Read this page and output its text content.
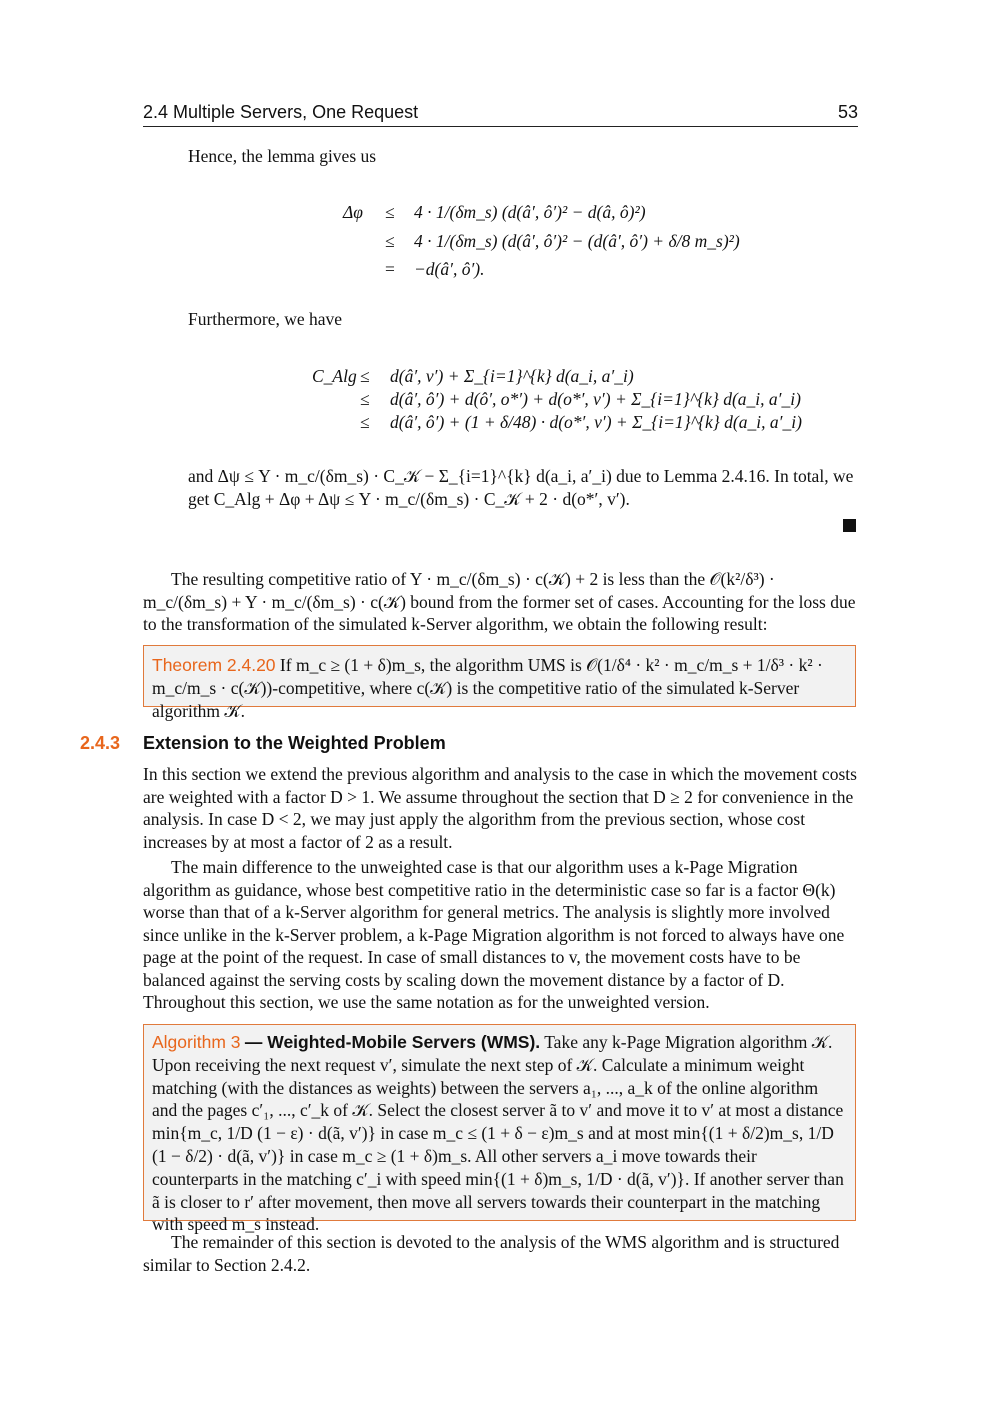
2.4 Multiple Servers, One Request	53
Hence, the lemma gives us
Δφ ≤ 4 · 1/(δm_s) (d(â′, ô′)² − d(â, ô)²)
≤ 4 · 1/(δm_s) (d(â′, ô′)² − (d(â′, ô′) + δ/8 m_s)²)
= −d(â′, ô′).
Furthermore, we have
C_Alg ≤ d(â′, v′) + Σ_{i=1}^{k} d(a_i, a′_i)
≤ d(â′, ô′) + d(ô′, o*′) + d(o*′, v′) + Σ_{i=1}^{k} d(a_i, a′_i)
≤ d(â′, ô′) + (1 + δ/48) · d(o*′, v′) + Σ_{i=1}^{k} d(a_i, a′_i)
and Δψ ≤ Y · m_c/(δm_s) · C_𝒦 − Σ_{i=1}^{k} d(a_i, a′_i) due to Lemma 2.4.16. In total, we get C_Alg + Δφ + Δψ ≤ Y · m_c/(δm_s) · C_𝒦 + 2 · d(o*′, v′).
The resulting competitive ratio of Y · m_c/(δm_s) · c(𝒦) + 2 is less than the 𝒪(k²/δ³) · m_c/(δm_s) + Y · m_c/(δm_s) · c(𝒦) bound from the former set of cases. Accounting for the loss due to the transformation of the simulated k-Server algorithm, we obtain the following result:
Theorem 2.4.20 If m_c ≥ (1 + δ)m_s, the algorithm UMS is 𝒪(1/δ⁴ · k² · m_c/m_s + 1/δ³ · k² · m_c/m_s · c(𝒦))-competitive, where c(𝒦) is the competitive ratio of the simulated k-Server algorithm 𝒦.
2.4.3 Extension to the Weighted Problem
In this section we extend the previous algorithm and analysis to the case in which the movement costs are weighted with a factor D > 1. We assume throughout the section that D ≥ 2 for convenience in the analysis. In case D < 2, we may just apply the algorithm from the previous section, whose cost increases by at most a factor of 2 as a result.
The main difference to the unweighted case is that our algorithm uses a k-Page Migration algorithm as guidance, whose best competitive ratio in the deterministic case so far is a factor Θ(k) worse than that of a k-Server algorithm for general metrics. The analysis is slightly more involved since unlike in the k-Server problem, a k-Page Migration algorithm is not forced to always have one page at the point of the request. In case of small distances to v, the movement costs have to be balanced against the serving costs by scaling down the movement distance by a factor of D. Throughout this section, we use the same notation as for the unweighted version.
Algorithm 3 — Weighted-Mobile Servers (WMS). Take any k-Page Migration algorithm 𝒦. Upon receiving the next request v′, simulate the next step of 𝒦. Calculate a minimum weight matching (with the distances as weights) between the servers a₁, ..., a_k of the online algorithm and the pages c′₁, ..., c′_k of 𝒦. Select the closest server ã to v′ and move it to v′ at most a distance min{m_c, 1/D (1 − ε) · d(ã, v′)} in case m_c ≤ (1 + δ − ε)m_s and at most min{(1 + δ/2)m_s, 1/D (1 − δ/2) · d(ã, v′)} in case m_c ≥ (1 + δ)m_s. All other servers a_i move towards their counterparts in the matching c′_i with speed min{(1 + δ)m_s, 1/D · d(ã, v′)}. If another server than ã is closer to r′ after movement, then move all servers towards their counterpart in the matching with speed m_s instead.
The remainder of this section is devoted to the analysis of the WMS algorithm and is structured similar to Section 2.4.2.
